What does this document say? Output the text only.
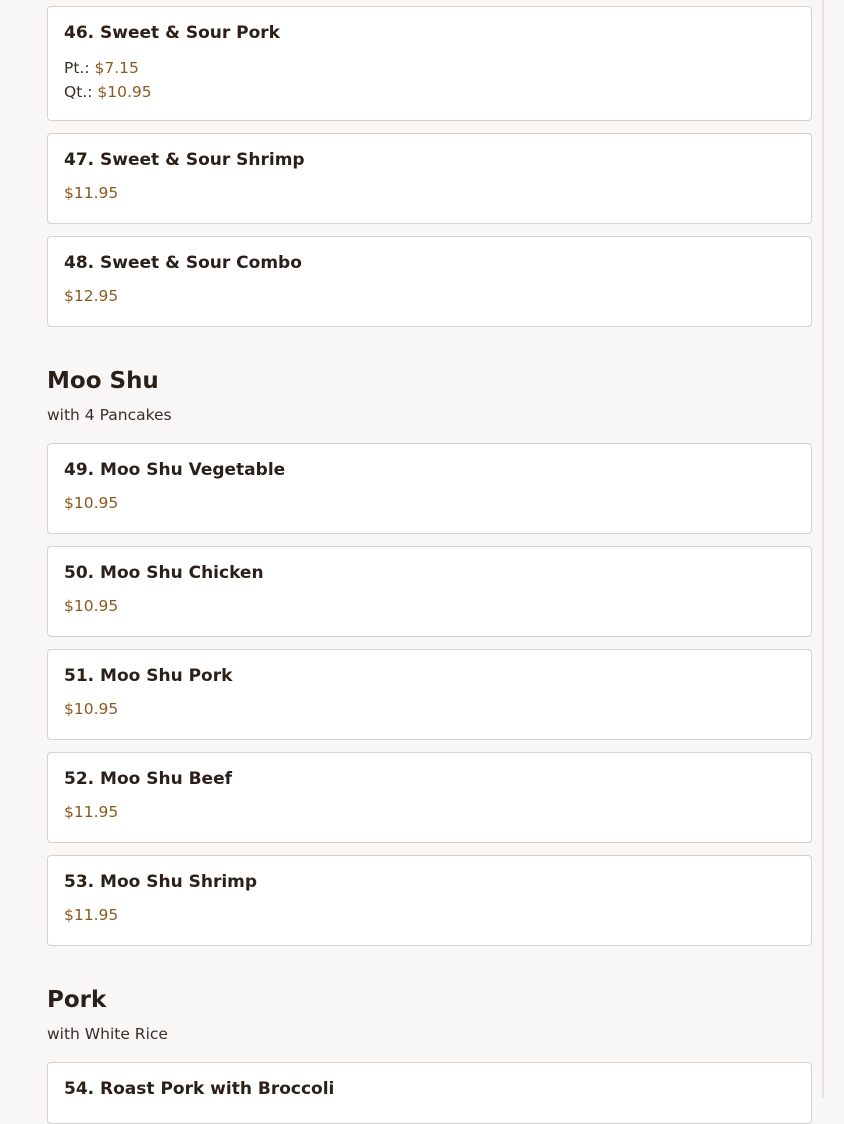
46. Sweet & Sour Pork
Pt.: $7.15
Qt.: $10.95
47. Sweet & Sour Shrimp
$11.95
48. Sweet & Sour Combo
$12.95
Moo Shu

with 4 Pancakes

49. Moo Shu Vegetable
$10.95
50. Moo Shu Chicken
$10.95
51. Moo Shu Pork
$10.95
52. Moo Shu Beef
$11.95
53. Moo Shu Shrimp
$11.95
Pork

with White Rice

54. Roast Pork with Broccoli
